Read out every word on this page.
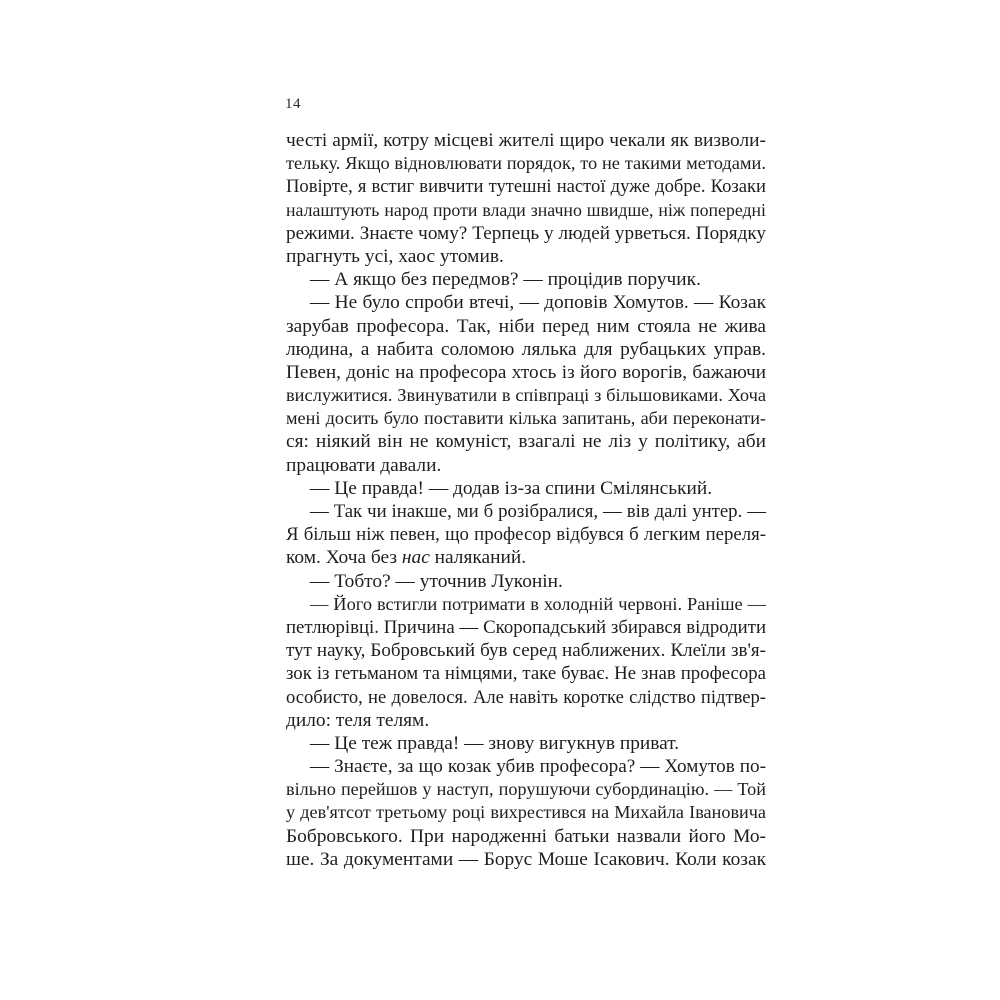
14
честі армії, котру місцеві жителі щиро чекали як визволи-
тельку. Якщо відновлювати порядок, то не такими методами.
Повірте, я встиг вивчити тутешні настої дуже добре. Козаки
налаштують народ проти влади значно швидше, ніж попередні
режими. Знаєте чому? Терпець у людей урветься. Порядку
прагнуть усі, хаос утомив.
— А якщо без передмов? — процідив поручик.
— Не було спроби втечі, — доповів Хомутов. — Козак
зарубав професора. Так, ніби перед ним стояла не жива
людина, а набита соломою лялька для рубацьких управ.
Певен, доніс на професора хтось із його ворогів, бажаючи
вислужитися. Звинуватили в співпраці з більшовиками. Хоча
мені досить було поставити кілька запитань, аби переконати-
ся: ніякий він не комуніст, взагалі не ліз у політику, аби
працювати давали.
— Це правда! — додав із-за спини Смілянський.
— Так чи інакше, ми б розібралися, — вів далі унтер. —
Я більш ніж певен, що професор відбувся б легким переля-
ком. Хоча без нас наляканий.
— Тобто? — уточнив Луконін.
— Його встигли потримати в холодній червоні. Раніше —
петлюрівці. Причина — Скоропадський збирався відродити
тут науку, Бобровський був серед наближених. Клеїли зв'я-
зок із гетьманом та німцями, таке буває. Не знав професора
особисто, не довелося. Але навіть коротке слідство підтвер-
дило: теля телям.
— Це теж правда! — знову вигукнув приват.
— Знаєте, за що козак убив професора? — Хомутов по-
вільно перейшов у наступ, порушуючи субординацію. — Той
у дев'ятсот третьому році вихрестився на Михайла Івановича
Бобровського. При народженні батьки назвали його Мо-
ше. За документами — Борус Моше Ісакович. Коли козак
